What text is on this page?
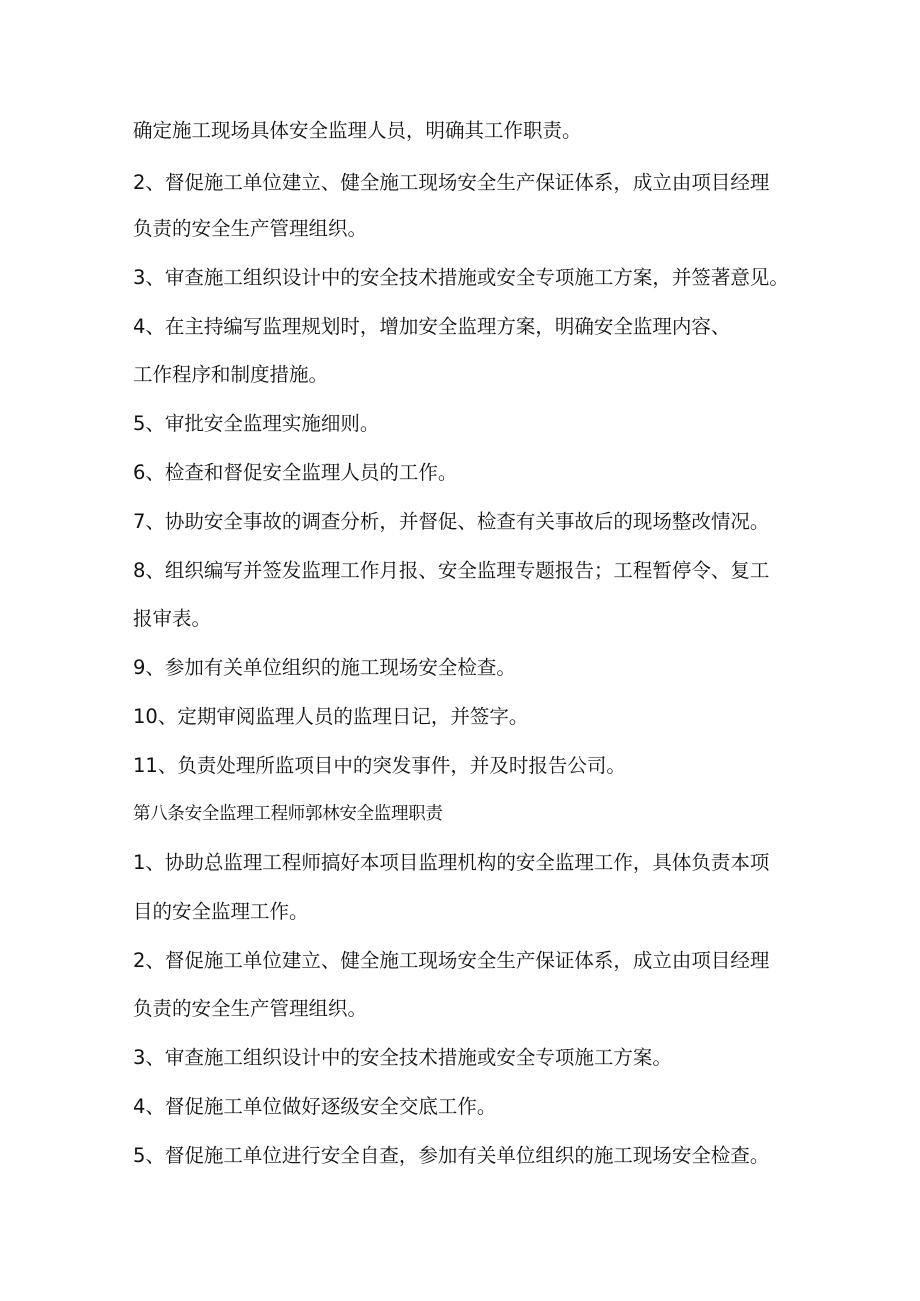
确定施工现场具体安全监理人员，明确其工作职责。
2、督促施工单位建立、健全施工现场安全生产保证体系，成立由项目经理
负责的安全生产管理组织。
3、审查施工组织设计中的安全技术措施或安全专项施工方案，并签著意见。
4、在主持编写监理规划时，增加安全监理方案，明确安全监理内容、
工作程序和制度措施。
5、审批安全监理实施细则。
6、检查和督促安全监理人员的工作。
7、协助安全事故的调查分析，并督促、检查有关事故后的现场整改情况。
8、组织编写并签发监理工作月报、安全监理专题报告；工程暂停令、复工
报审表。
9、参加有关单位组织的施工现场安全检查。
10、定期审阅监理人员的监理日记，并签字。
11、负责处理所监项目中的突发事件，并及时报告公司。
第八条安全监理工程师郭林安全监理职责
1、协助总监理工程师搞好本项目监理机构的安全监理工作，具体负责本项
目的安全监理工作。
2、督促施工单位建立、健全施工现场安全生产保证体系，成立由项目经理
负责的安全生产管理组织。
3、审查施工组织设计中的安全技术措施或安全专项施工方案。
4、督促施工单位做好逐级安全交底工作。
5、督促施工单位进行安全自查，参加有关单位组织的施工现场安全检查。
